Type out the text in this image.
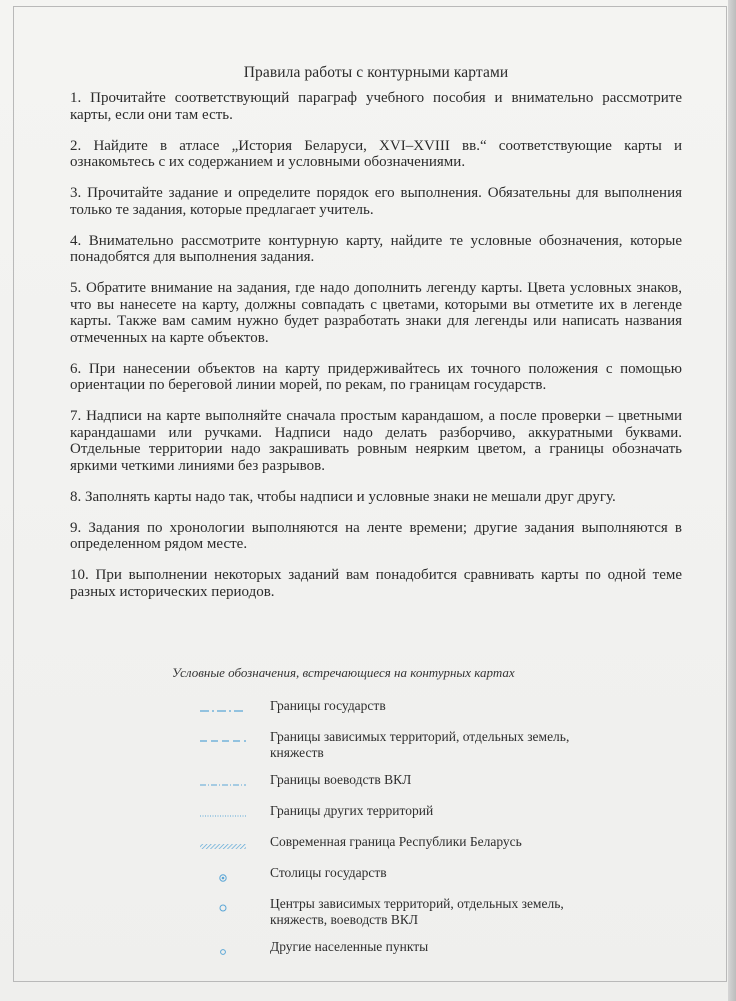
Правила работы с контурными картами

1. Прочитайте соответствующий параграф учебного пособия и внимательно рассмотрите карты, если они там есть.

2. Найдите в атласе „История Беларуси, XVI–XVIII вв.“ соответствующие карты и ознакомьтесь с их содержанием и условными обозначениями.

3. Прочитайте задание и определите порядок его выполнения. Обязательны для выполнения только те задания, которые предлагает учитель.

4. Внимательно рассмотрите контурную карту, найдите те условные обозначения, которые понадобятся для выполнения задания.

5. Обратите внимание на задания, где надо дополнить легенду карты. Цвета условных знаков, что вы нанесете на карту, должны совпадать с цветами, которыми вы отметите их в легенде карты. Также вам самим нужно будет разработать знаки для легенды или написать названия отмеченных на карте объектов.

6. При нанесении объектов на карту придерживайтесь их точного положения с помощью ориентации по береговой линии морей, по рекам, по границам государств.

7. Надписи на карте выполняйте сначала простым карандашом, а после проверки – цветными карандашами или ручками. Надписи надо делать разборчиво, аккуратными буквами. Отдельные территории надо закрашивать ровным неярким цветом, а границы обозначать яркими четкими линиями без разрывов.

8. Заполнять карты надо так, чтобы надписи и условные знаки не мешали друг другу.

9. Задания по хронологии выполняются на ленте времени; другие задания выполняются в определенном рядом месте.

10. При выполнении некоторых заданий вам понадобится сравнивать карты по одной теме разных исторических периодов.

Условные обозначения, встречающиеся на контурных картах
Границы государств
Границы зависимых территорий, отдельных земель, княжеств
Границы воеводств ВКЛ
Границы других территорий
Современная граница Республики Беларусь
Столицы государств
Центры зависимых территорий, отдельных земель, княжеств, воеводств ВКЛ
Другие населенные пункты
